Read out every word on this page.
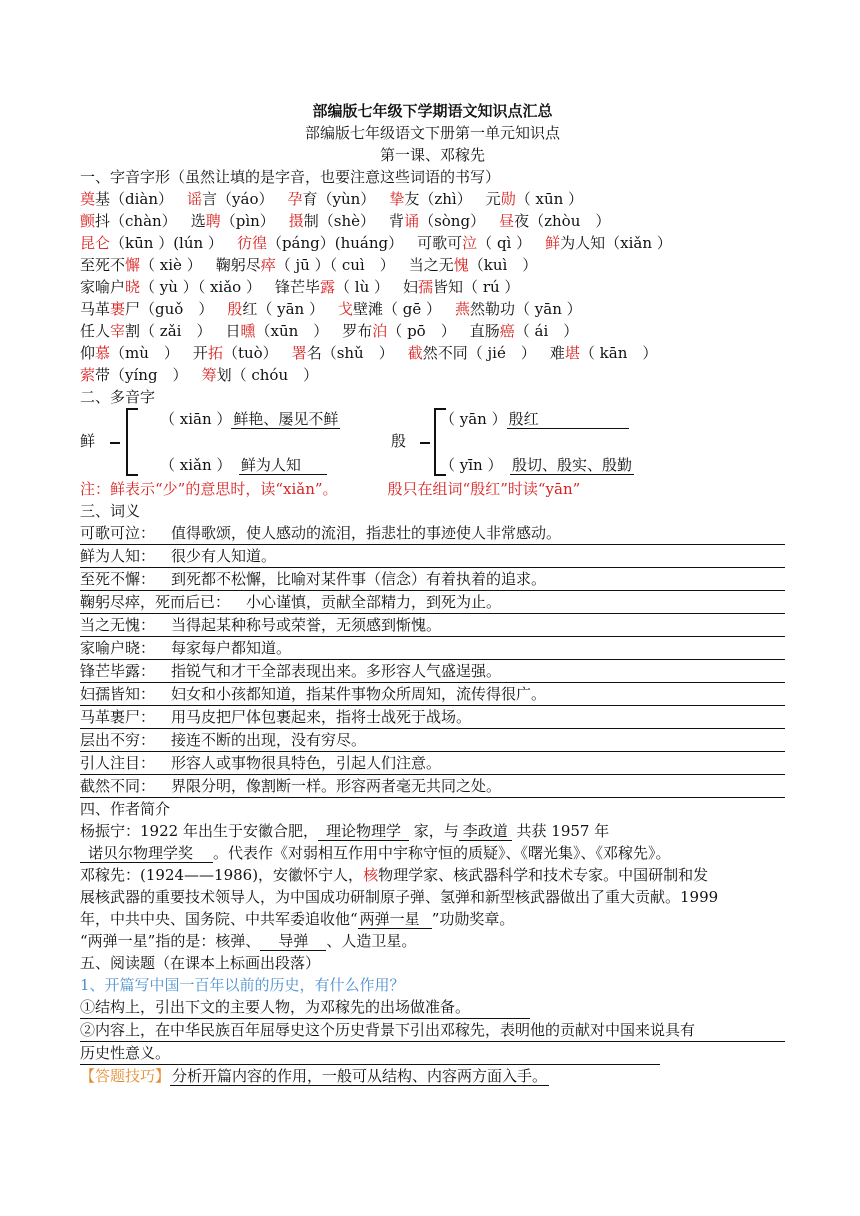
部编版七年级下学期语文知识点汇总
部编版七年级语文下册第一单元知识点
第一课、邓稼先
一、字音字形（虽然让填的是字音，也要注意这些词语的书写）
奠基（diàn） 谣言（yáo） 孕育（yùn） 挚友（zhì） 元勋（ xūn ）
颤抖（chàn） 选聘（pìn） 摄制（shè） 背诵（sòng） 昼夜（zhòu　）
昆仑（kūn ）(lún ） 彷徨（páng）(huáng） 可歌可泣（ qì ） 鲜为人知（xiǎn ）
至死不懈（ xiè ） 鞠躬尽瘁（ jū ）（ cuì　） 当之无愧（kuì　）
家喻户晓（ yù ）（ xiǎo ） 锋芒毕露（ lù ） 妇孺皆知（ rú ）
马革裹尸（guǒ　） 殷红（ yān ） 戈壁滩（ gē ） 燕然勒功（ yān ）
任人宰割（ zǎi　） 日曛（xūn　） 罗布泊（ pō　） 直肠癌（ ái　）
仰慕（mù　） 开拓（tuò） 署名（shǔ　） 截然不同（ jié　） 难堪（ kān　）
萦带（yíng　） 筹划（ chóu　）
二、多音字
鲜
（ xiān ） 鲜艳、屡见不鲜
（ xiǎn ）　 鲜为人知
殷
（ yān ） 殷红
（ yīn ）　 殷切、殷实、殷勤
注：鲜表示“少”的意思时，读“xiǎn”。	殷只在组词“殷红”时读“yān”
三、词义
可歌可泣： 值得歌颂，使人感动的流泪，指悲壮的事迹使人非常感动。
鲜为人知： 很少有人知道。
至死不懈： 到死都不松懈，比喻对某件事（信念）有着执着的追求。
鞠躬尽瘁，死而后已： 小心谨慎，贡献全部精力，到死为止。
当之无愧： 当得起某种称号或荣誉，无须感到惭愧。
家喻户晓： 每家每户都知道。
锋芒毕露： 指锐气和才干全部表现出来。多形容人气盛逞强。
妇孺皆知： 妇女和小孩都知道，指某件事物众所周知，流传得很广。
马革裹尸： 用马皮把尸体包裹起来，指将士战死于战场。
层出不穷： 接连不断的出现，没有穷尽。
引人注目： 形容人或事物很具特色，引起人们注意。
截然不同： 界限分明，像割断一样。形容两者毫无共同之处。
四、作者简介
杨振宁：1922 年出生于安徽合肥， 理论物理学 家，与 李政道 共获 1957 年
诺贝尔物理学奖 。代表作《对弱相互作用中宇称守恒的质疑》、《曙光集》、《邓稼先》。
邓稼先：(1924——1986)，安徽怀宁人，核物理学家、核武器科学和技术专家。中国研制和发
展核武器的重要技术领导人，为中国成功研制原子弹、氢弹和新型核武器做出了重大贡献。1999
年，中共中央、国务院、中共军委追收他“ 两弹一星 ”功勋奖章。
“两弹一星”指的是：核弹、 导弹 、人造卫星。
五、阅读题（在课本上标画出段落）
1、开篇写中国一百年以前的历史，有什么作用？
①结构上，引出下文的主要人物，为邓稼先的出场做准备。
②内容上，在中华民族百年屈辱史这个历史背景下引出邓稼先，表明他的贡献对中国来说具有
历史性意义。
【答题技巧】 分析开篇内容的作用，一般可从结构、内容两方面入手。
